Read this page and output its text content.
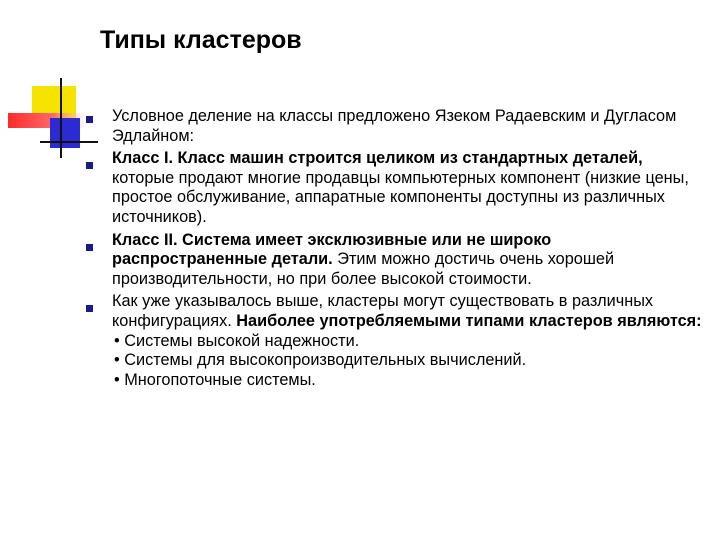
Типы кластеров
Условное деление на классы предложено Язеком Радаевским и Дугласом Эдлайном:
Класс I. Класс машин строится целиком из стандартных деталей, которые продают многие продавцы компьютерных компонент (низкие цены, простое обслуживание, аппаратные компоненты доступны из различных источников).
Класс II. Система имеет эксклюзивные или не широко распространенные детали. Этим можно достичь очень хорошей производительности, но при более высокой стоимости.
Как уже указывалось выше, кластеры могут существовать в различных конфигурациях. Наиболее употребляемыми типами кластеров являются:
• Системы высокой надежности.
• Системы для высокопроизводительных вычислений.
• Многопоточные системы.
